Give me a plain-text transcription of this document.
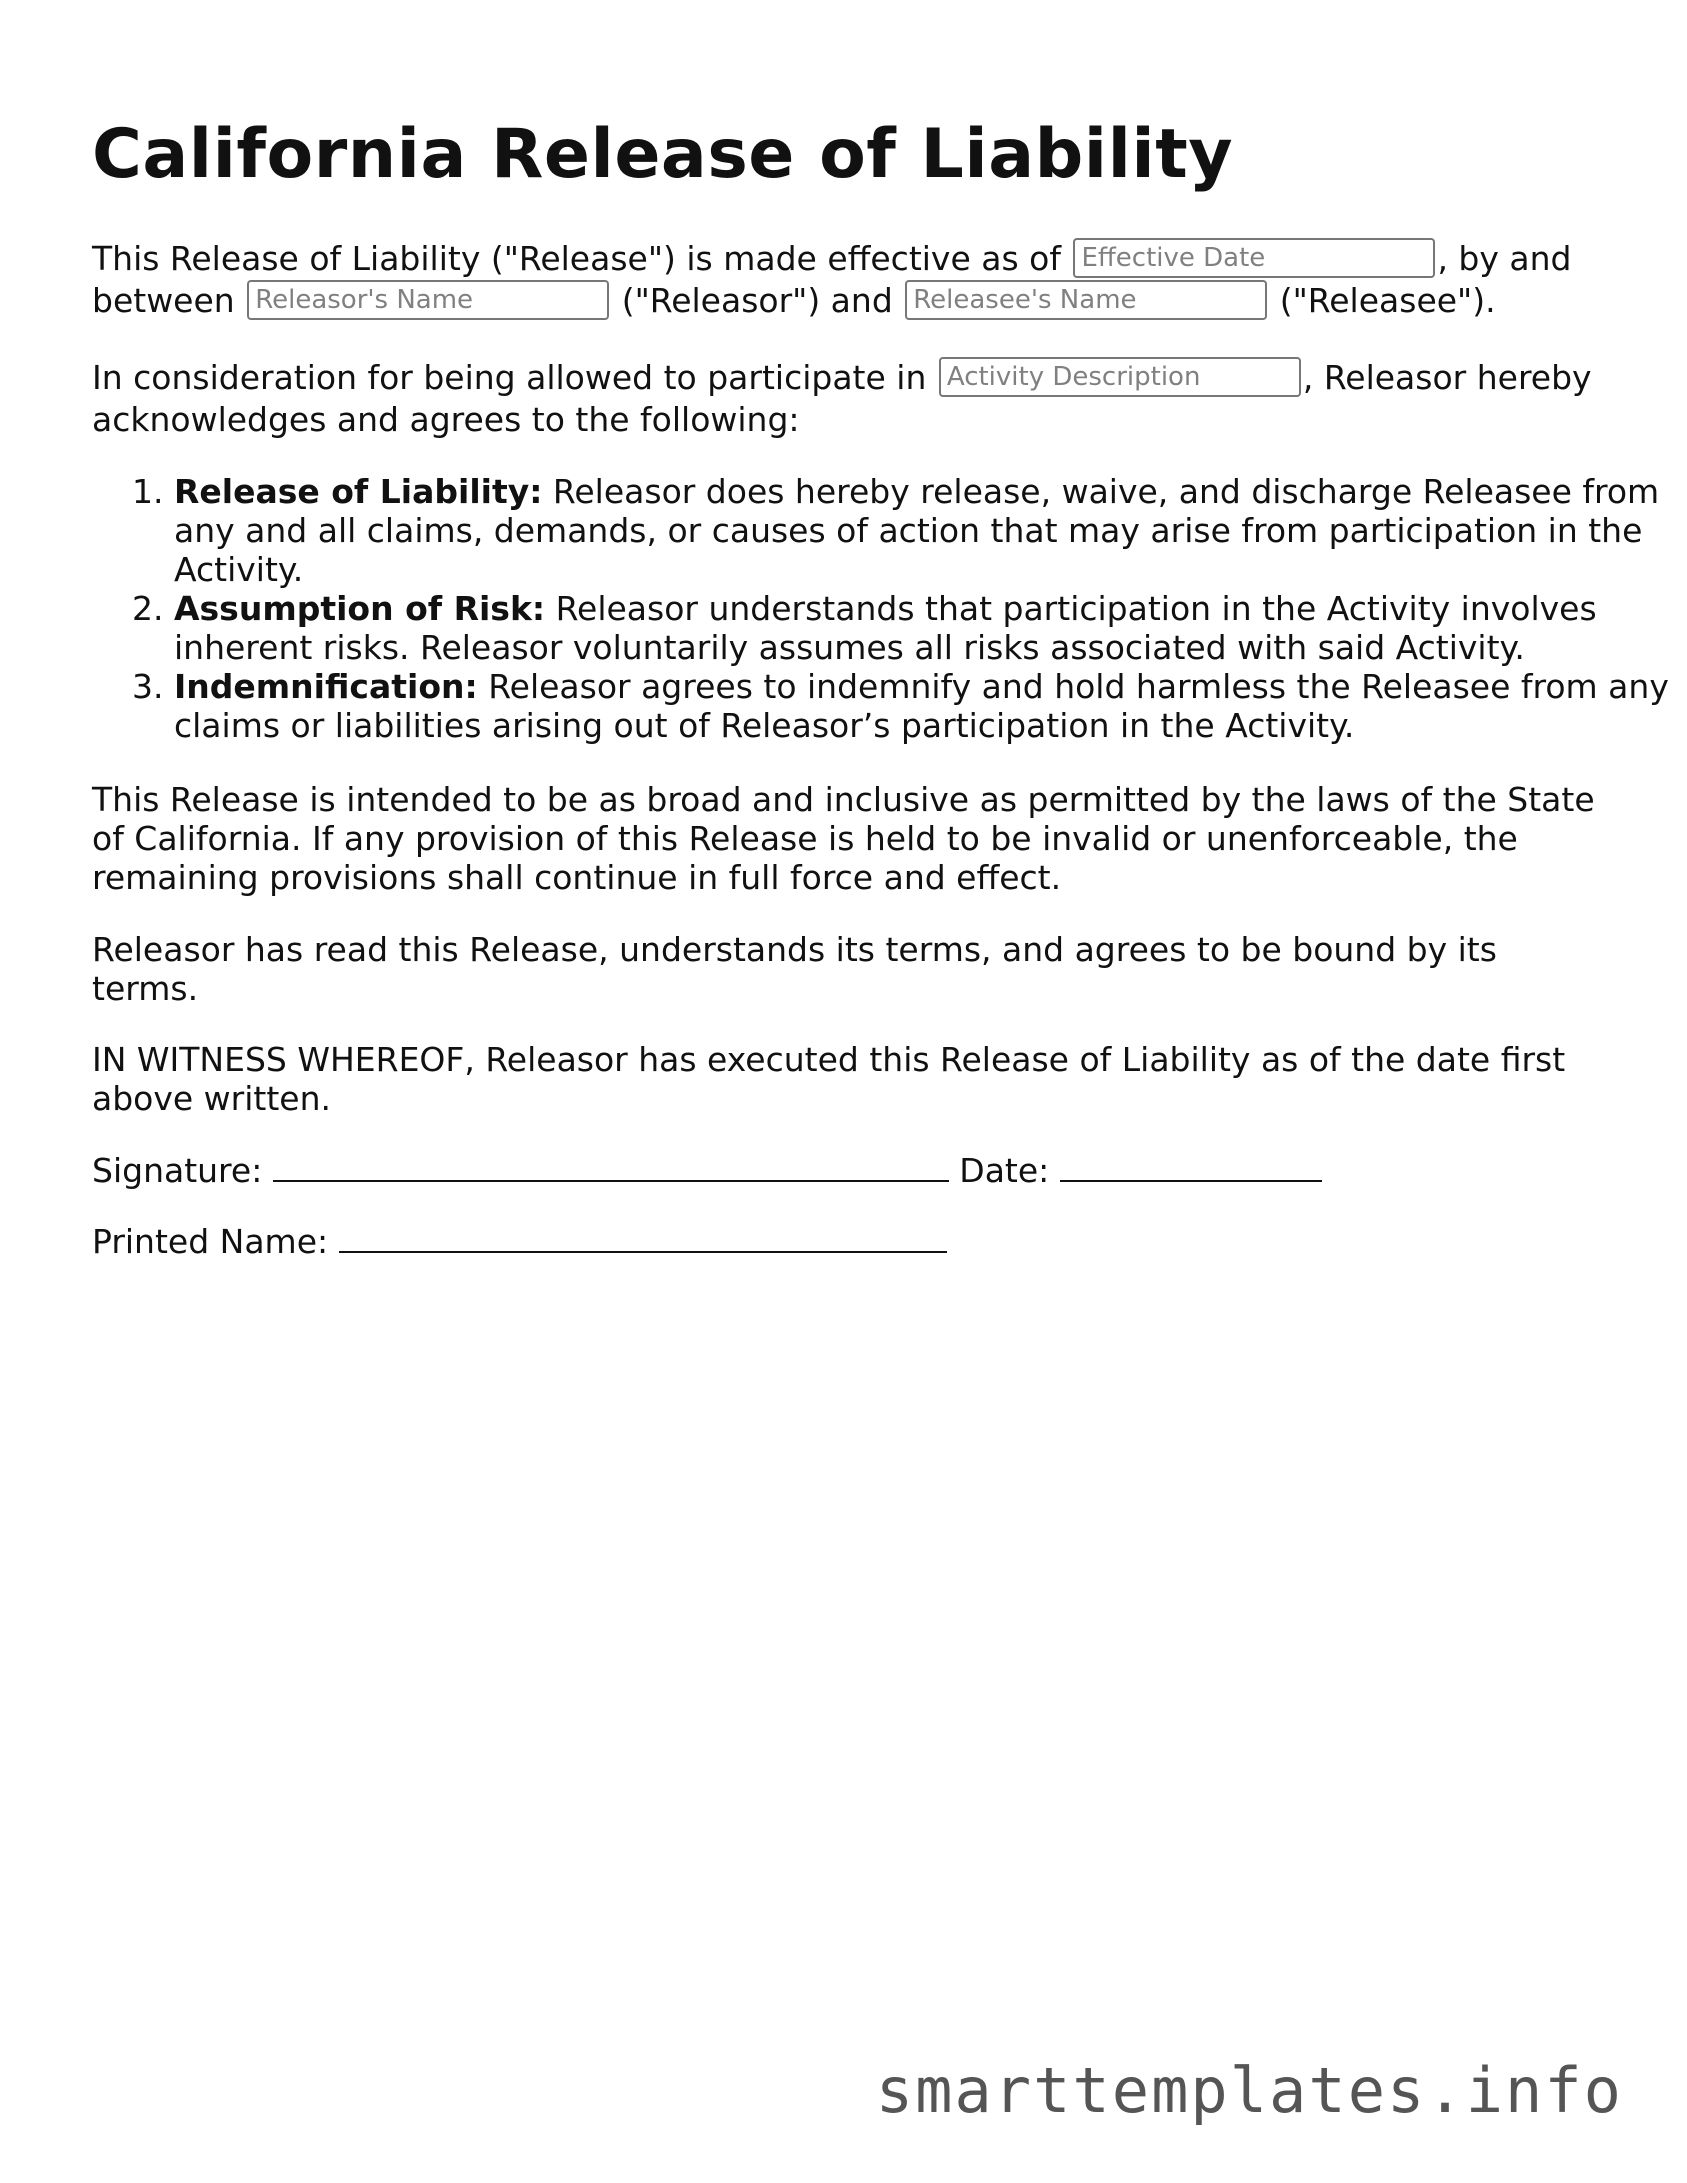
California Release of Liability
This Release of Liability ("Release") is made effective as of Effective Date	, by and between Releasor's Name	("Releasor") and Releasee's Name	("Releasee").
In consideration for being allowed to participate in Activity Description	, Releasor hereby acknowledges and agrees to the following:
1. Release of Liability: Releasor does hereby release, waive, and discharge Releasee from any and all claims, demands, or causes of action that may arise from participation in the Activity.
2. Assumption of Risk: Releasor understands that participation in the Activity involves inherent risks. Releasor voluntarily assumes all risks associated with said Activity.
3. Indemnification: Releasor agrees to indemnify and hold harmless the Releasee from any claims or liabilities arising out of Releasor’s participation in the Activity.
This Release is intended to be as broad and inclusive as permitted by the laws of the State of California. If any provision of this Release is held to be invalid or unenforceable, the remaining provisions shall continue in full force and effect.
Releasor has read this Release, understands its terms, and agrees to be bound by its terms.
IN WITNESS WHEREOF, Releasor has executed this Release of Liability as of the date first above written.
Signature:	Date:
Printed Name:
smarttemplates.info
